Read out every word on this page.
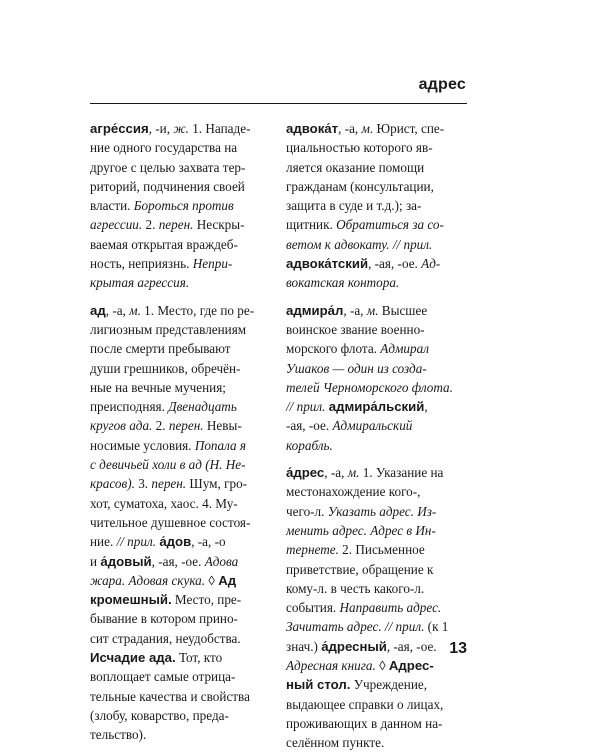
адрес
агре́ссия, -и, ж. 1. Нападе-
ние одного государства на
другое с целью захвата тер-
риторий, подчинения своей
власти. Бороться против
агрессии. 2. перен. Нескры-
ваемая открытая враждеб-
ность, неприязнь. Непри-
крытая агрессия.
ад, -а, м. 1. Место, где по ре-
лигиозным представлениям
после смерти пребывают
души грешников, обречён-
ные на вечные мучения;
преисподняя. Двенадцать
кругов ада. 2. перен. Невы-
носимые условия. Попала я
с девичьей холи в ад (Н. Не-
красов). 3. перен. Шум, гро-
хот, суматоха, хаос. 4. Му-
чительное душевное состоя-
ние. // прил. а́дов, -а, -о
и а́довый, -ая, -ое. Адова
жара. Адовая скука. ◊ Ад
кромешный. Место, пре-
бывание в котором прино-
сит страдания, неудобства.
Исчадие ада. Тот, кто
воплощает самые отрица-
тельные качества и свойства
(злобу, коварство, преда-
тельство).
адвока́т, -а, м. Юрист, спе-
циальностью которого яв-
ляется оказание помощи
гражданам (консультации,
защита в суде и т.д.); за-
щитник. Обратиться за со-
ветом к адвокату. // прил.
адвока́тский, -ая, -ое. Ад-
вокатская контора.
адмира́л, -а, м. Высшее
воинское звание военно-
морского флота. Адмирал
Ушаков — один из создa-
телей Черноморского флота.
// прил. адмира́льский,
-ая, -ое. Адмиральский
корабль.
а́дрес, -а, м. 1. Указание на
местонахождение кого-,
чего-л. Указать адрес. Из-
менить адрес. Адрес в Ин-
тернете. 2. Письменное
приветствие, обращение к
кому-л. в честь какого-л.
события. Направить адрес.
Зачитать адрес. // прил. (к 1
знач.) а́дресный, -ая, -ое.
Адресная книга. ◊ Адрес-
ный стол. Учреждение,
выдающее справки о лицах,
проживающих в данном на-
селённом пункте.
13
